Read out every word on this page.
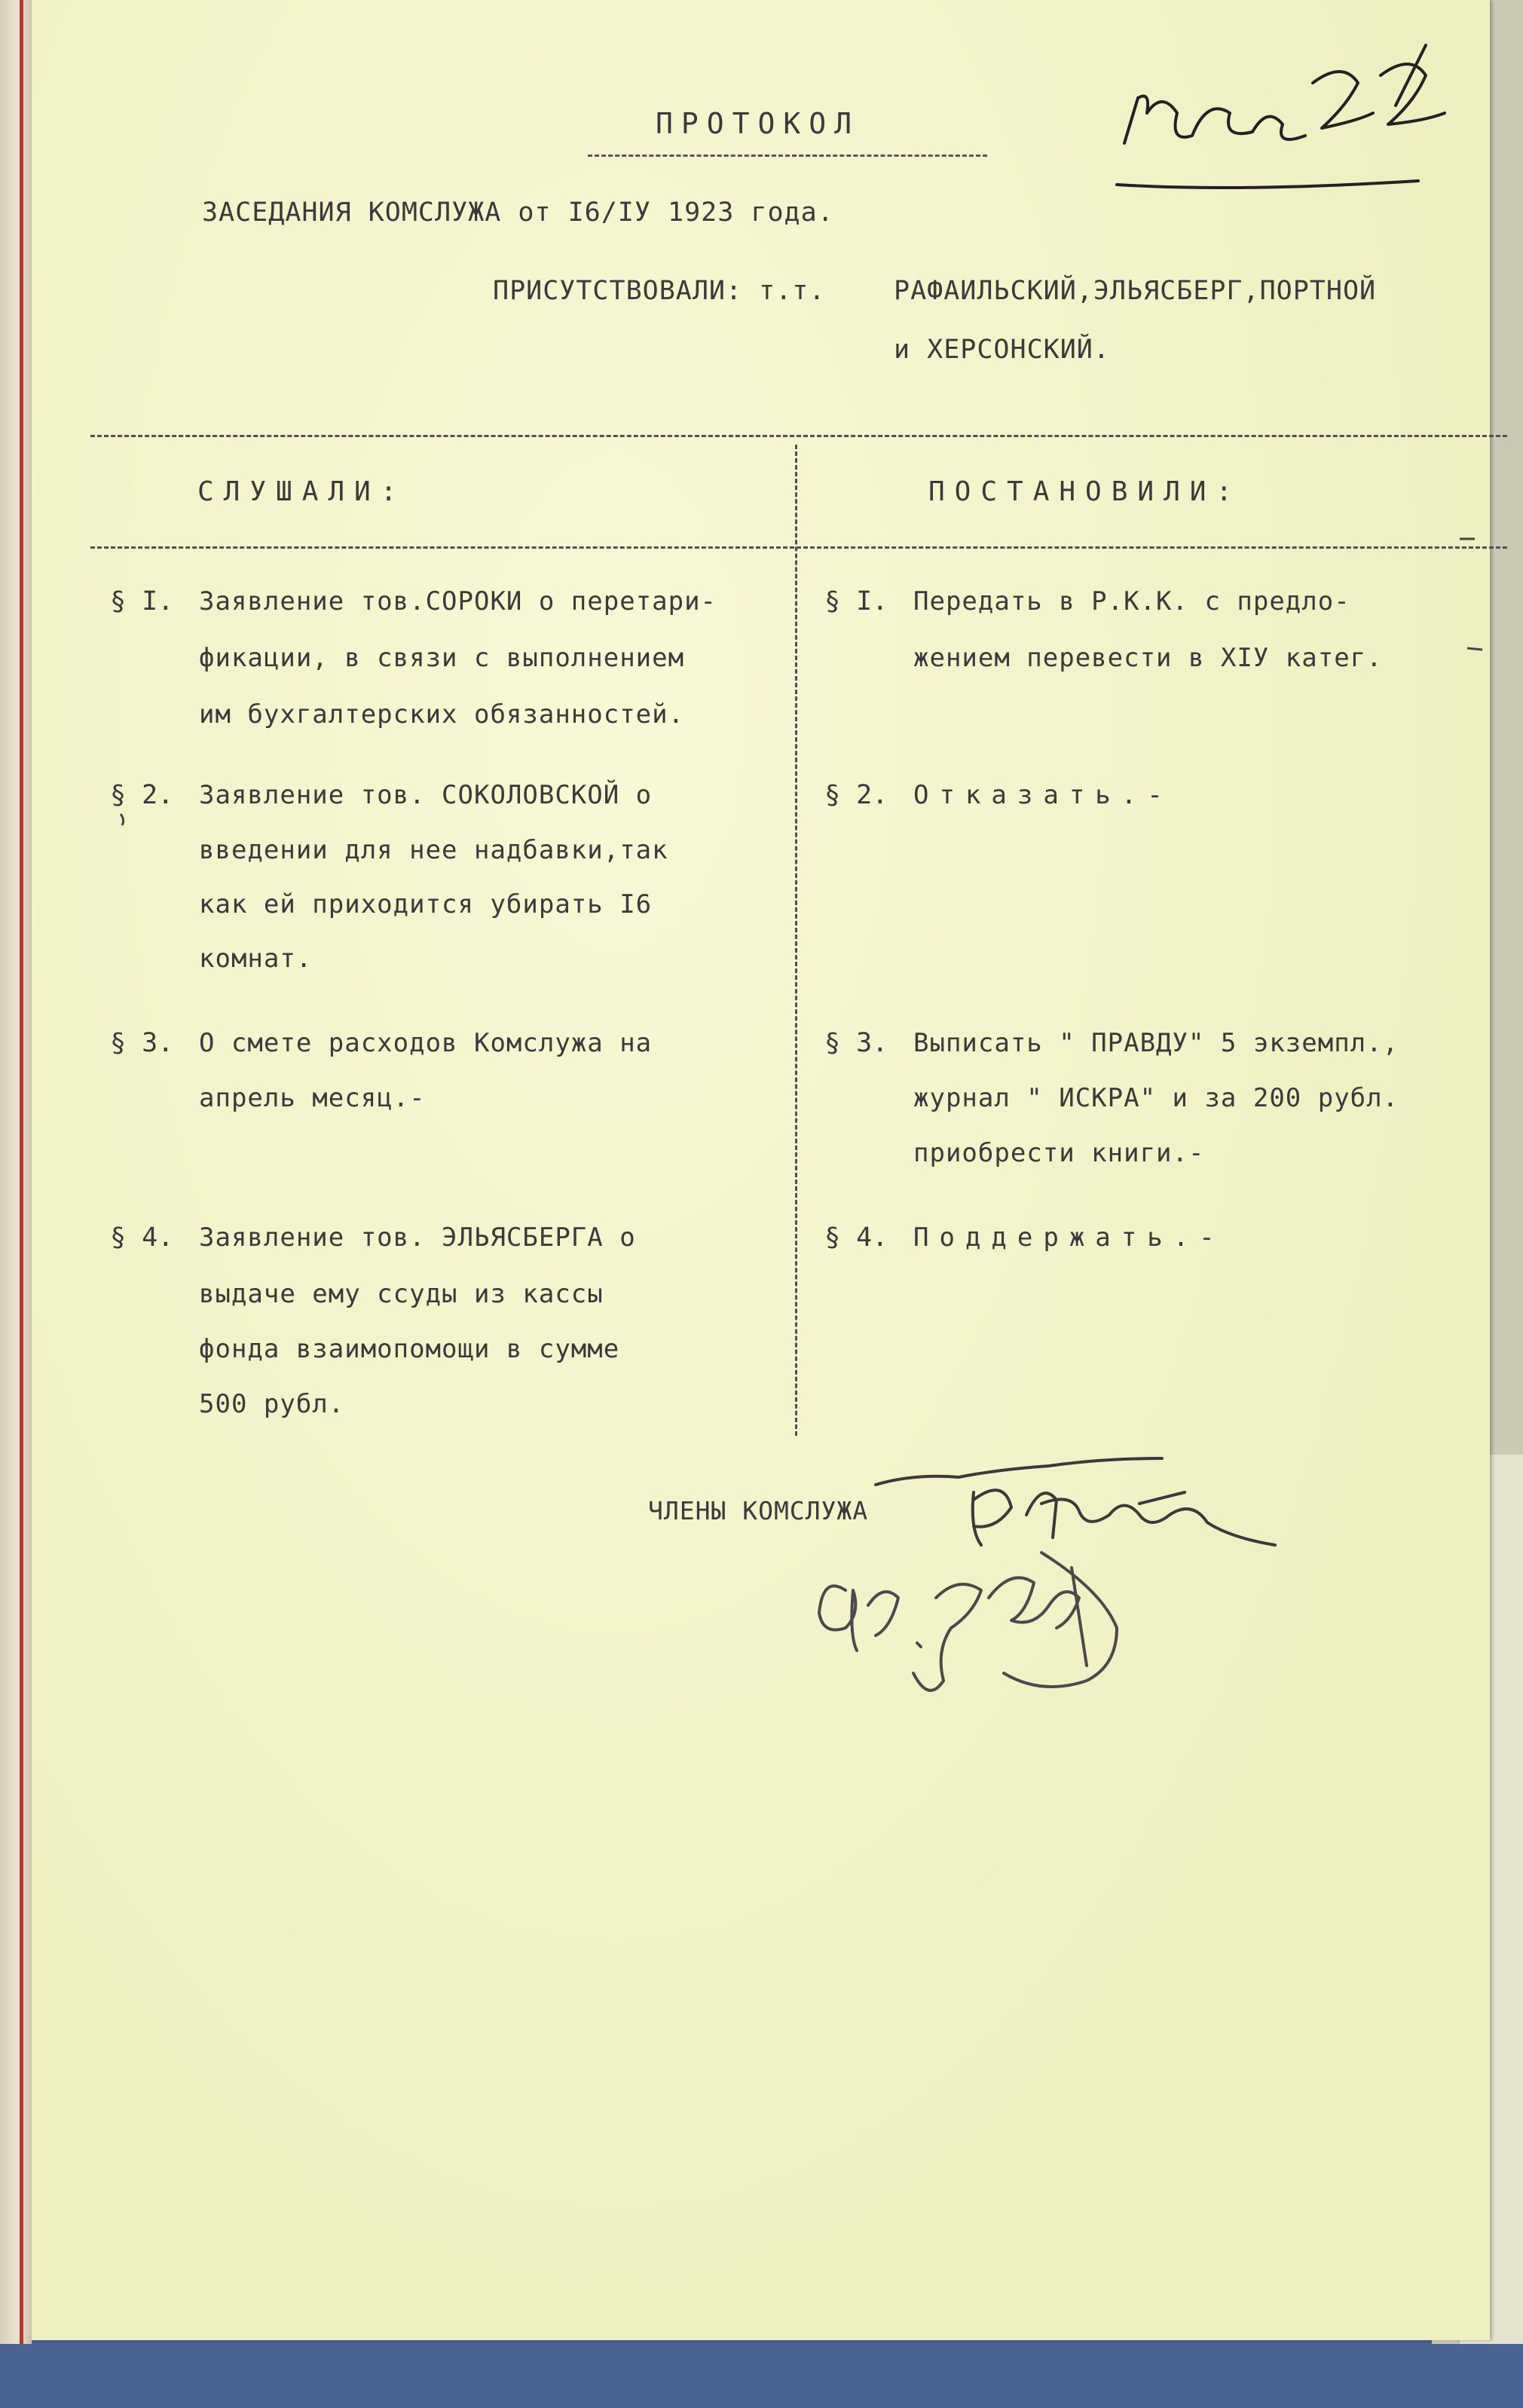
ПРОТОКОЛ
ЗАСЕДАНИЯ КОМСЛУЖА от I6/IУ 1923 года.
ПРИСУТСТВОВАЛИ: т.т.	РАФАИЛЬСКИЙ,ЭЛЬЯСБЕРГ,ПОРТНОЙ
и ХЕРСОНСКИЙ.
СЛУШАЛИ:	ПОСТАНОВИЛИ:
§ I. Заявление тов.СОРОКИ о перетари-
фикации, в связи с выполнением
им бухгалтерских обязанностей.
§ I. Передать в Р.К.К. с предло-
жением перевести в XIУ катег.
§ 2. Заявление тов. СОКОЛОВСКОЙ о
введении для нее надбавки,так
как ей приходится убирать I6
комнат.
§ 2. Отказать.-
§ 3. О смете расходов Комслужа на
апрель месяц.-
§ 3. Выписать " ПРАВДУ" 5 экземпл.,
журнал " ИСКРА" и за 200 рубл.
приобрести книги.-
§ 4. Заявление тов. ЭЛЬЯСБЕРГА о
выдаче ему ссуды из кассы
фонда взаимопомощи в сумме
500 рубл.
§ 4. Поддержать.-
ЧЛЕНЫ КОМСЛУЖА
